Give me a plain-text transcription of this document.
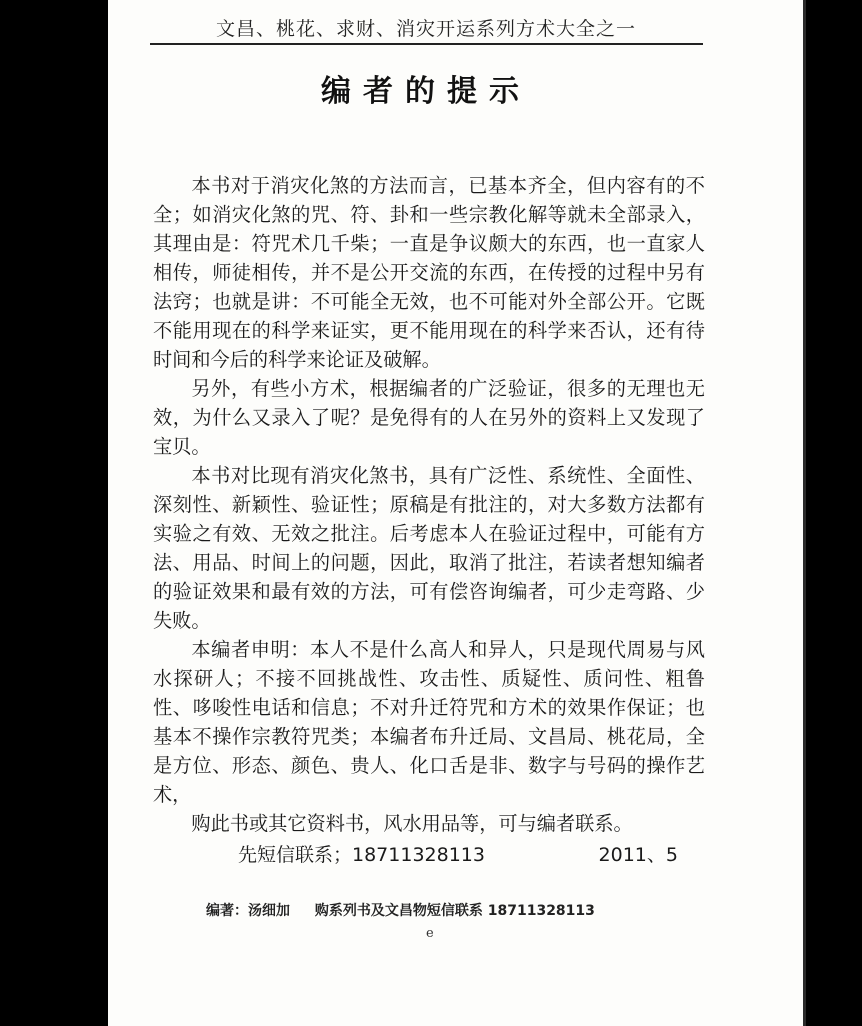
文昌、桃花、求财、消灾开运系列方术大全之一
编者的提示

本书对于消灾化煞的方法而言，已基本齐全，但内容有的不全；如消灾化煞的咒、符、卦和一些宗教化解等就未全部录入，其理由是：符咒术几千柴；一直是争议颇大的东西，也一直家人相传，师徒相传，并不是公开交流的东西，在传授的过程中另有法窍；也就是讲：不可能全无效，也不可能对外全部公开。它既不能用现在的科学来证实，更不能用现在的科学来否认，还有待时间和今后的科学来论证及破解。

另外，有些小方术，根据编者的广泛验证，很多的无理也无效，为什么又录入了呢？是免得有的人在另外的资料上又发现了宝贝。

本书对比现有消灾化煞书，具有广泛性、系统性、全面性、深刻性、新颖性、验证性；原稿是有批注的，对大多数方法都有实验之有效、无效之批注。后考虑本人在验证过程中，可能有方法、用品、时间上的问题，因此，取消了批注，若读者想知编者的验证效果和最有效的方法，可有偿咨询编者，可少走弯路、少失败。

本编者申明：本人不是什么高人和异人，只是现代周易与风水探研人；不接不回挑战性、攻击性、质疑性、质问性、粗鲁性、哆唆性电话和信息；不对升迁符咒和方术的效果作保证；也基本不操作宗教符咒类；本编者布升迁局、文昌局、桃花局，全是方位、形态、颜色、贵人、化口舌是非、数字与号码的操作艺术，

购此书或其它资料书，风水用品等，可与编者联系。

先短信联系；18711328113	2011、5
编著：汤细加 购系列书及文昌物短信联系 18711328113
e
